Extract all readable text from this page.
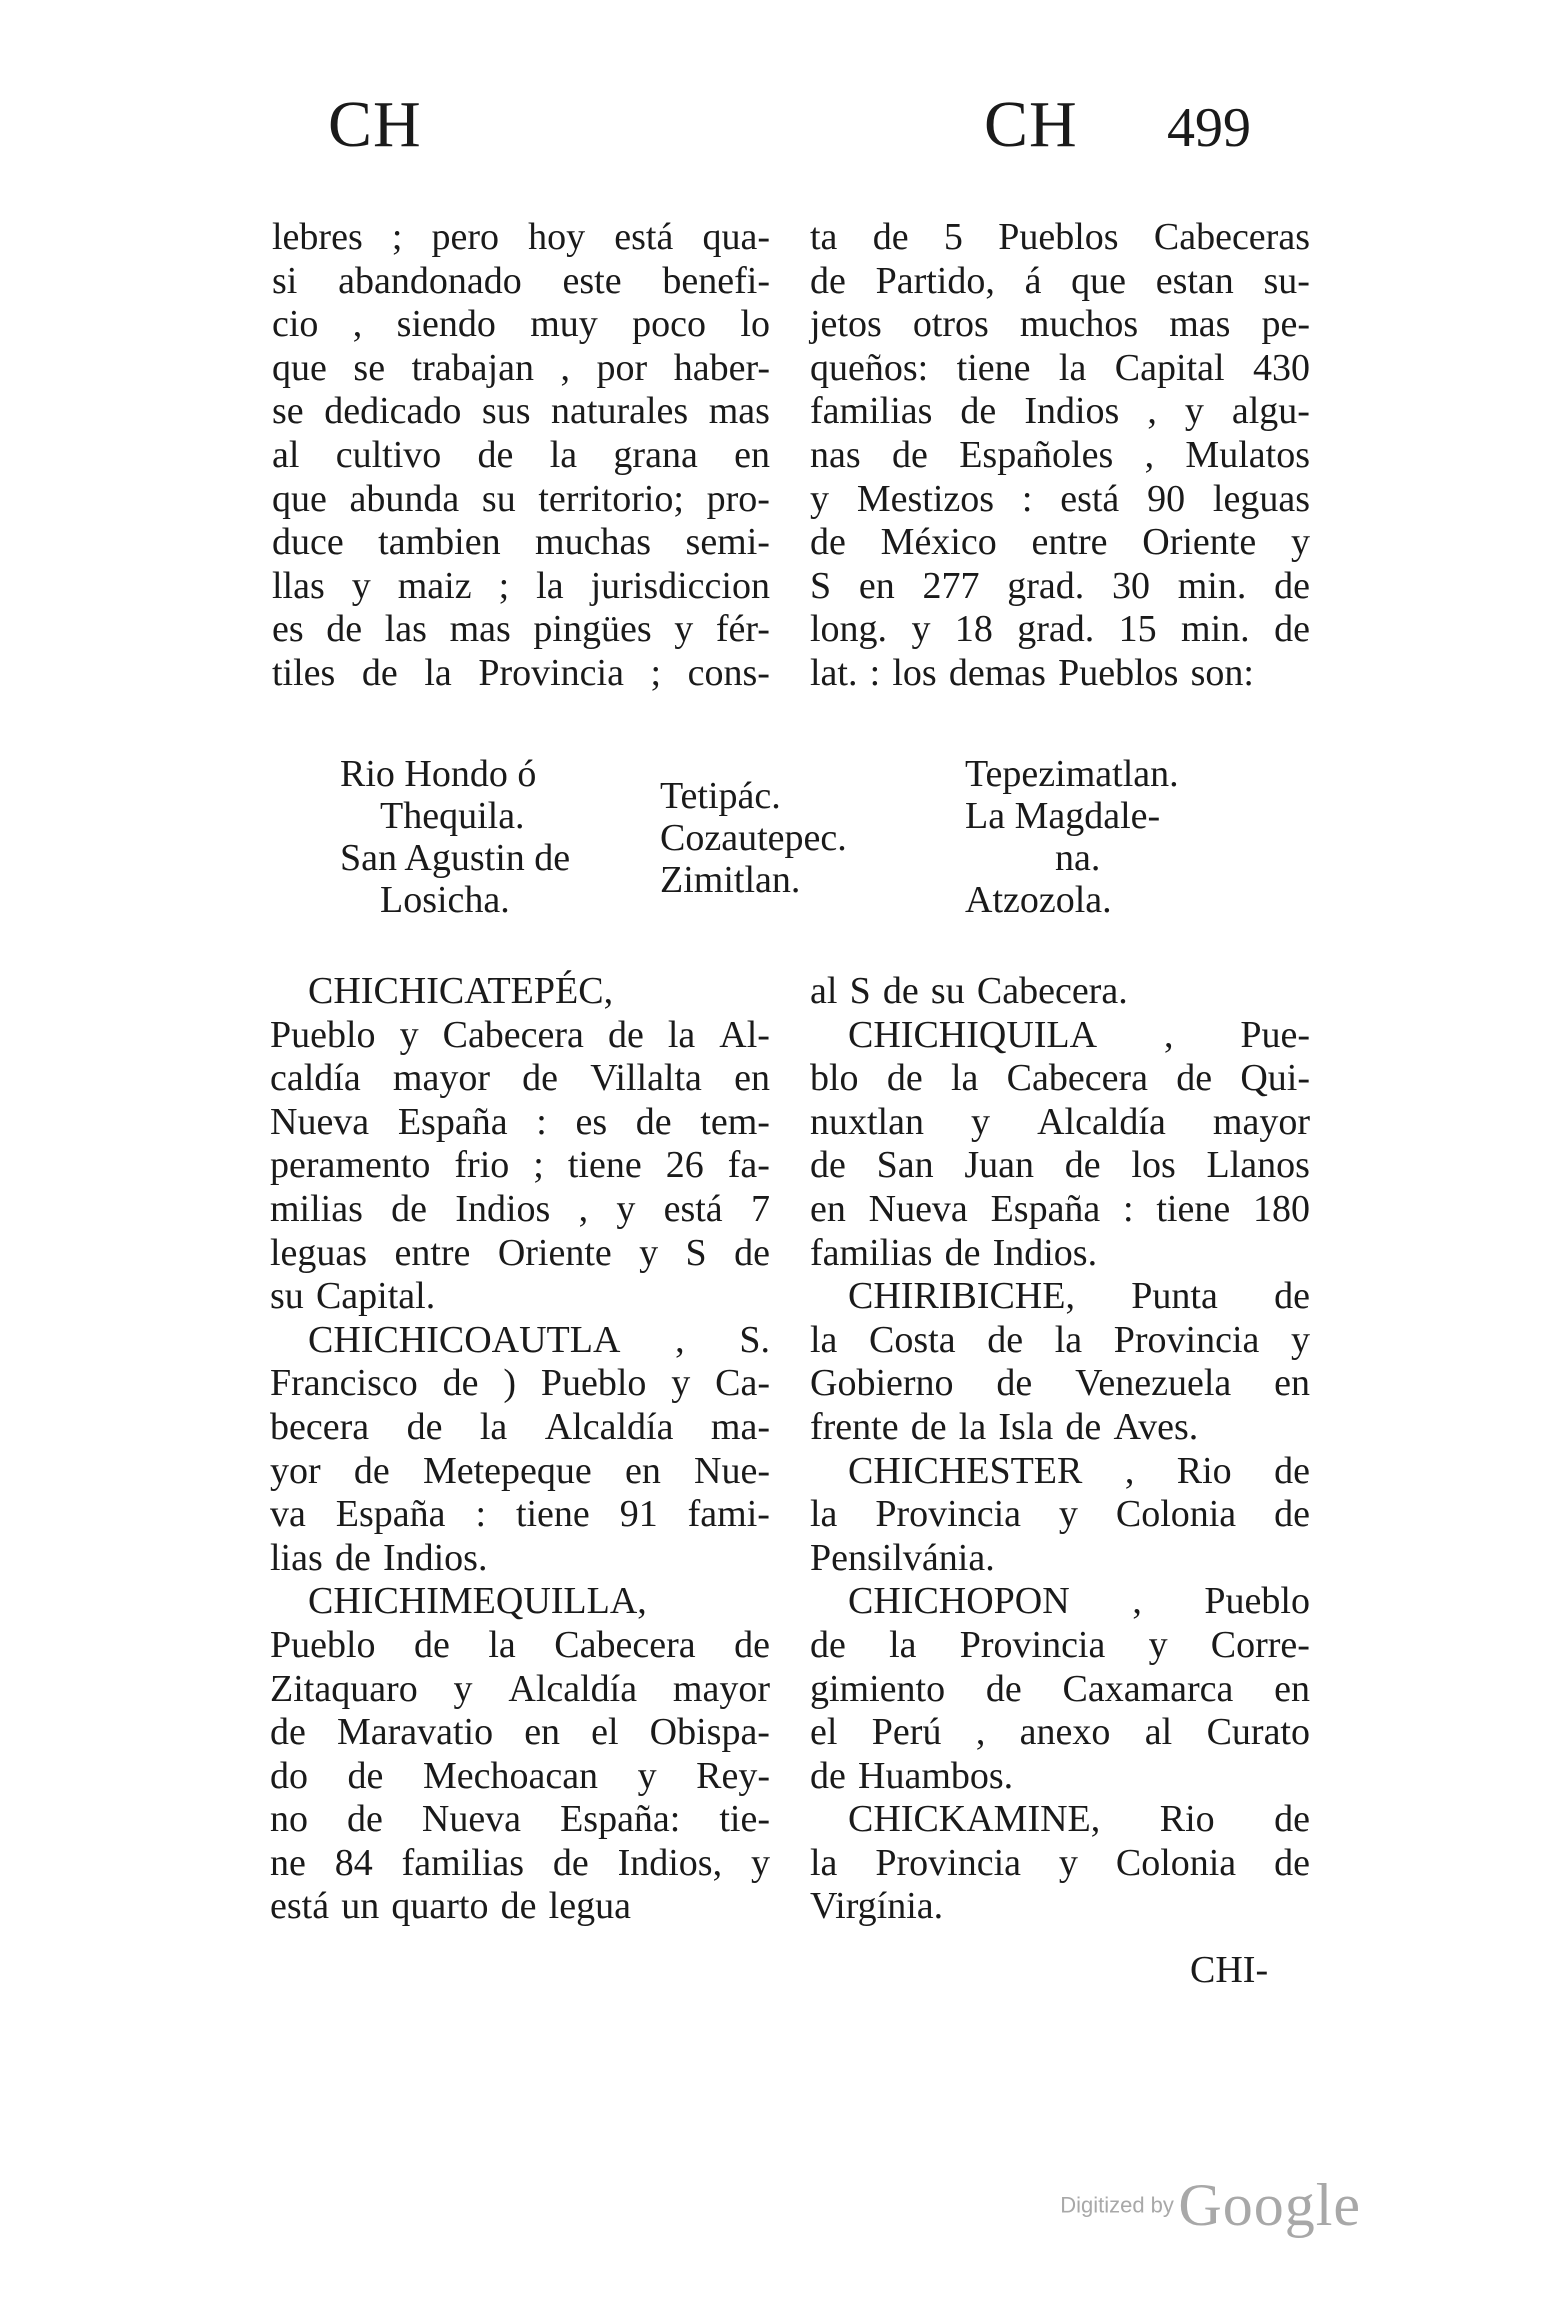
CH	CH 499
lebres ; pero hoy está qua-
si abandonado este benefi-
cio , siendo muy poco lo
que se trabajan , por haber-
se dedicado sus naturales mas
al cultivo de la grana en
que abunda su territorio; pro-
duce tambien muchas semi-
llas y maiz ; la jurisdiccion
es de las mas pingües y fér-
tiles de la Provincia ; cons-
ta de 5 Pueblos Cabeceras
de Partido, á que estan su-
jetos otros muchos mas pe-
queños: tiene la Capital 430
familias de Indios , y algu-
nas de Españoles , Mulatos
y Mestizos : está 90 leguas
de México entre Oriente y
S en 277 grad. 30 min. de
long. y 18 grad. 15 min. de
lat. : los demas Pueblos son:
Rio Hondo ó
Thequila.
San Agustin de
Losicha.
Tetipác.
Cozautepec.
Zimitlan.
Tepezimatlan.
La Magdale-
na.
Atzozola.
CHICHICATEPÉC,
Pueblo y Cabecera de la Al-
caldía mayor de Villalta en
Nueva España : es de tem-
peramento frio ; tiene 26 fa-
milias de Indios , y está 7
leguas entre Oriente y S de
su Capital.
CHICHICOAUTLA , S.
Francisco de ) Pueblo y Ca-
becera de la Alcaldía ma-
yor de Metepeque en Nue-
va España : tiene 91 fami-
lias de Indios.
CHICHIMEQUILLA,
Pueblo de la Cabecera de
Zitaquaro y Alcaldía mayor
de Maravatio en el Obispa-
do de Mechoacan y Rey-
no de Nueva España: tie-
ne 84 familias de Indios, y
está un quarto de legua
al S de su Cabecera.
CHICHIQUILA , Pue-
blo de la Cabecera de Qui-
nuxtlan y Alcaldía mayor
de San Juan de los Llanos
en Nueva España : tiene 180
familias de Indios.
CHIRIBICHE, Punta de
la Costa de la Provincia y
Gobierno de Venezuela en
frente de la Isla de Aves.
CHICHESTER , Rio de
la Provincia y Colonia de
Pensilvánia.
CHICHOPON , Pueblo
de la Provincia y Corre-
gimiento de Caxamarca en
el Perú , anexo al Curato
de Huambos.
CHICKAMINE, Rio de
la Provincia y Colonia de
Virgínia.
CHI-
Digitized by Google
